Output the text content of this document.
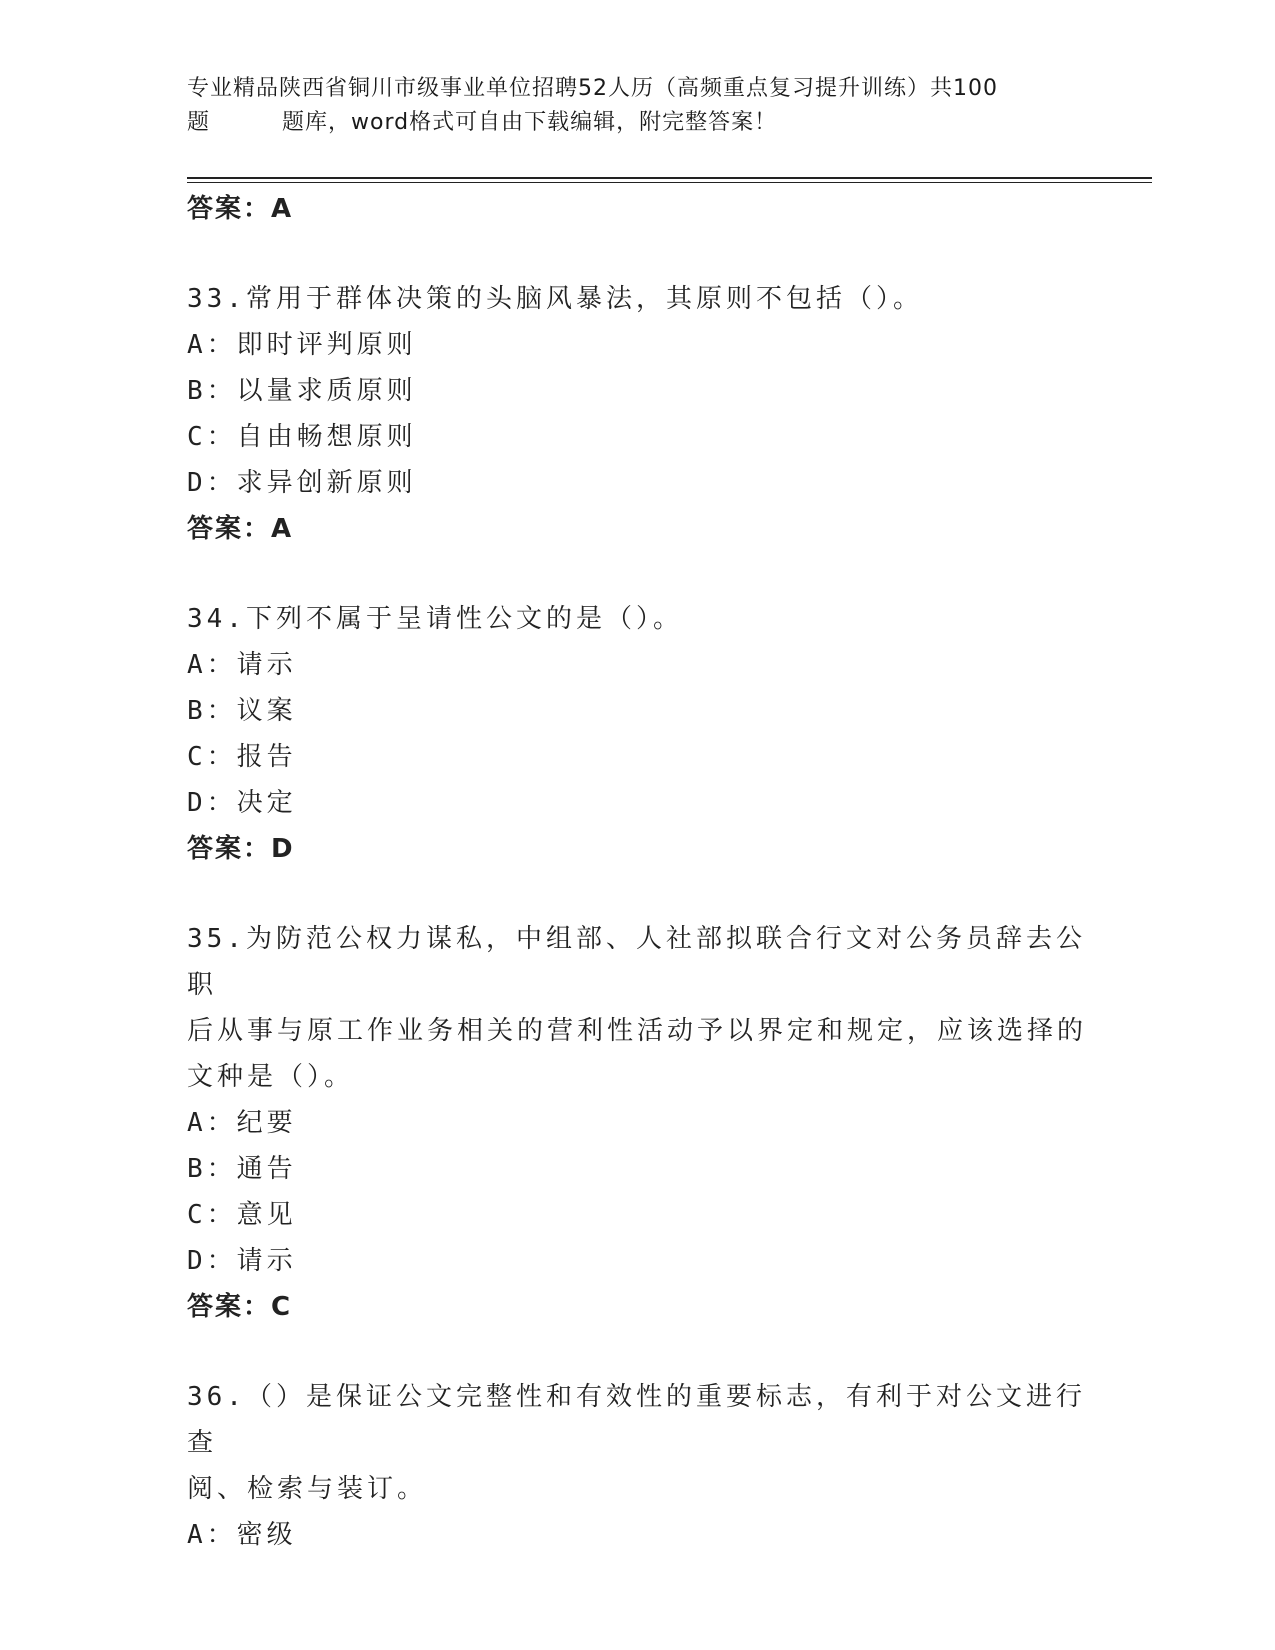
专业精品陕西省铜川市级事业单位招聘52人历（高频重点复习提升训练）共100
题	题库，word格式可自由下载编辑，附完整答案！
答案：A
33.常用于群体决策的头脑风暴法，其原则不包括（）。
A：即时评判原则
B：以量求质原则
C：自由畅想原则
D：求异创新原则
答案：A
34.下列不属于呈请性公文的是（）。
A：请示
B：议案
C：报告
D：决定
答案：D
35.为防范公权力谋私，中组部、人社部拟联合行文对公务员辞去公职
后从事与原工作业务相关的营利性活动予以界定和规定，应该选择的
文种是（）。
A：纪要
B：通告
C：意见
D：请示
答案：C
36.（）是保证公文完整性和有效性的重要标志，有利于对公文进行查
阅、检索与装订。
A：密级
